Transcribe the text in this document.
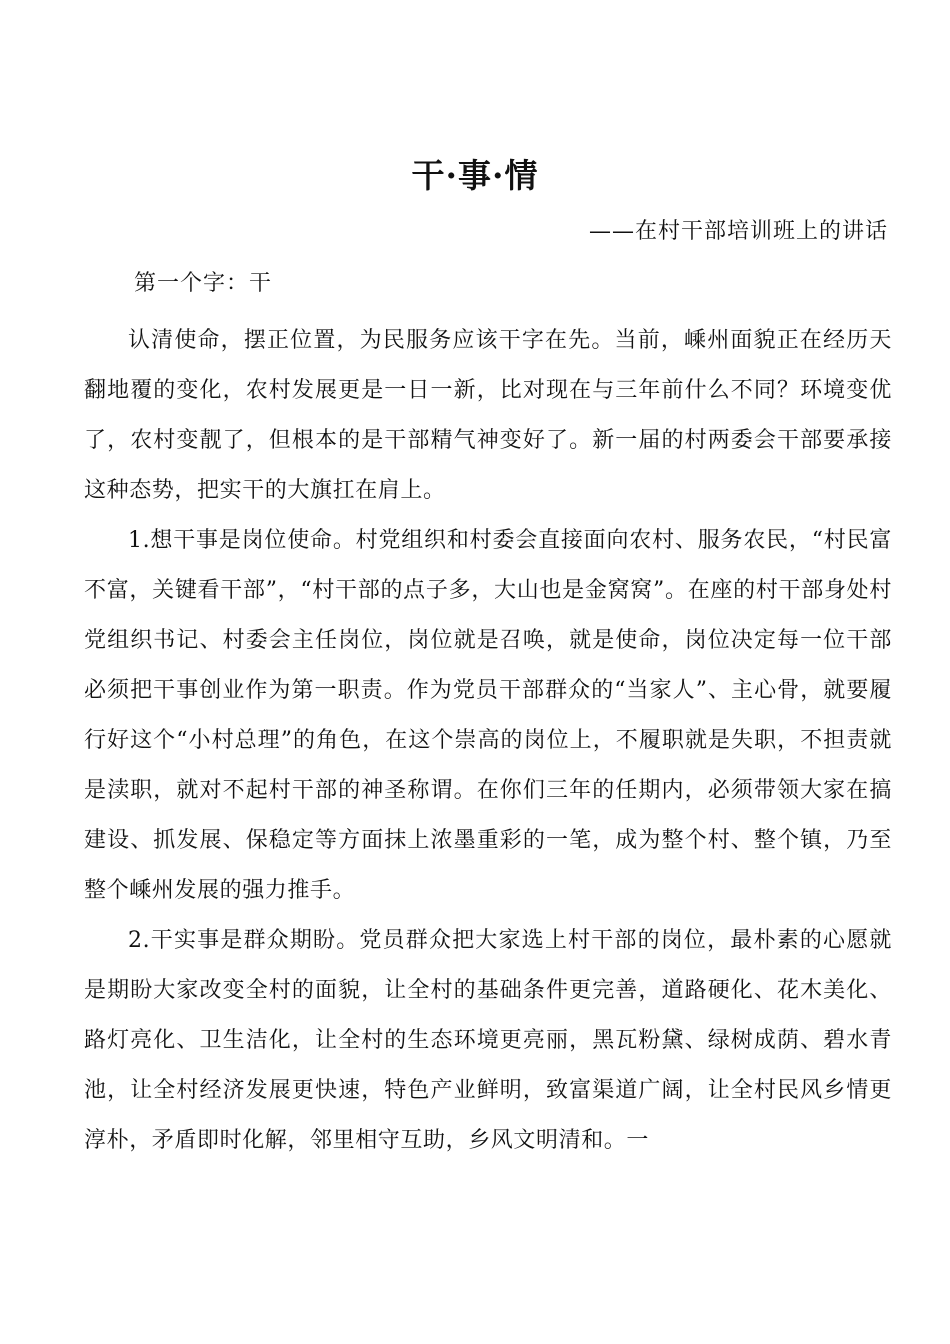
干·事·情
——在村干部培训班上的讲话
第一个字：干

认清使命，摆正位置，为民服务应该干字在先。当前，嵊州面貌正在经历天翻地覆的变化，农村发展更是一日一新，比对现在与三年前什么不同？环境变优了，农村变靓了，但根本的是干部精气神变好了。新一届的村两委会干部要承接这种态势，把实干的大旗扛在肩上。

1.想干事是岗位使命。村党组织和村委会直接面向农村、服务农民，“村民富不富，关键看干部”，“村干部的点子多，大山也是金窝窝”。在座的村干部身处村党组织书记、村委会主任岗位，岗位就是召唤，就是使命，岗位决定每一位干部必须把干事创业作为第一职责。作为党员干部群众的“当家人”、主心骨，就要履行好这个“小村总理”的角色，在这个崇高的岗位上，不履职就是失职，不担责就是渎职，就对不起村干部的神圣称谓。在你们三年的任期内，必须带领大家在搞建设、抓发展、保稳定等方面抹上浓墨重彩的一笔，成为整个村、整个镇，乃至整个嵊州发展的强力推手。

2.干实事是群众期盼。党员群众把大家选上村干部的岗位，最朴素的心愿就是期盼大家改变全村的面貌，让全村的基础条件更完善，道路硬化、花木美化、路灯亮化、卫生洁化，让全村的生态环境更亮丽，黑瓦粉黛、绿树成荫、碧水青池，让全村经济发展更快速，特色产业鲜明，致富渠道广阔，让全村民风乡情更淳朴，矛盾即时化解，邻里相守互助，乡风文明清和。一
